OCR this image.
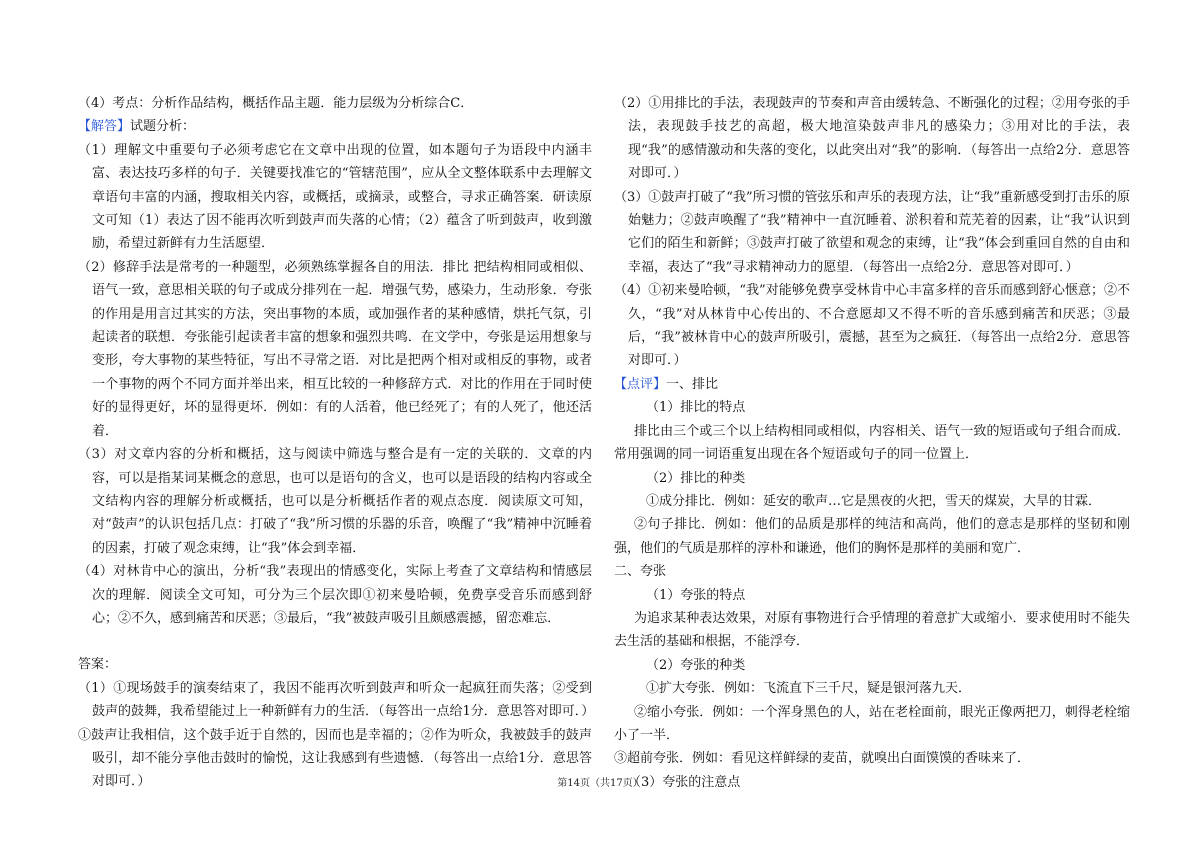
（4）考点：分析作品结构，概括作品主题．能力层级为分析综合C．

【解答】试题分析：

（1）理解文中重要句子必须考虑它在文章中出现的位置，如本题句子为语段中内涵丰富、表达技巧多样的句子．关键要找准它的“管辖范围”，应从全文整体联系中去理解文章语句丰富的内涵，搜取相关内容，或概括，或摘录，或整合，寻求正确答案．研读原文可知（1）表达了因不能再次听到鼓声而失落的心情；（2）蕴含了听到鼓声，收到激励，希望过新鲜有力生活愿望．

（2）修辞手法是常考的一种题型，必须熟练掌握各自的用法．排比 把结构相同或相似、语气一致，意思相关联的句子或成分排列在一起．增强气势，感染力，生动形象．夸张的作用是用言过其实的方法，突出事物的本质，或加强作者的某种感情，烘托气氛，引起读者的联想．夸张能引起读者丰富的想象和强烈共鸣．在文学中，夸张是运用想象与变形，夸大事物的某些特征，写出不寻常之语．对比是把两个相对或相反的事物，或者一个事物的两个不同方面并举出来，相互比较的一种修辞方式．对比的作用在于同时使好的显得更好，坏的显得更坏．例如：有的人活着，他已经死了；有的人死了，他还活着．

（3）对文章内容的分析和概括，这与阅读中筛选与整合是有一定的关联的．文章的内容，可以是指某词某概念的意思，也可以是语句的含义，也可以是语段的结构内容或全文结构内容的理解分析或概括，也可以是分析概括作者的观点态度．阅读原文可知，对“鼓声”的认识包括几点：打破了“我”所习惯的乐器的乐音，唤醒了“我”精神中沉睡着的因素，打破了观念束缚，让“我”体会到幸福．

（4）对林肯中心的演出，分析“我”表现出的情感变化，实际上考查了文章结构和情感层次的理解．阅读全文可知，可分为三个层次即①初来曼哈顿，免费享受音乐而感到舒心；②不久，感到痛苦和厌恶；③最后，“我”被鼓声吸引且颇感震撼，留恋难忘．

答案：

（1）①现场鼓手的演奏结束了，我因不能再次听到鼓声和听众一起疯狂而失落；②受到鼓声的鼓舞，我希望能过上一种新鲜有力的生活．（每答出一点给1分．意思答对即可．）

①鼓声让我相信，这个鼓手近于自然的，因而也是幸福的；②作为听众，我被鼓手的鼓声吸引，却不能分享他击鼓时的愉悦，这让我感到有些遗憾．（每答出一点给1分．意思答对即可．）

（2）①用排比的手法，表现鼓声的节奏和声音由缓转急、不断强化的过程；②用夸张的手法，表现鼓手技艺的高超，极大地渲染鼓声非凡的感染力；③用对比的手法，表现“我”的感情激动和失落的变化，以此突出对“我”的影响．（每答出一点给2分．意思答对即可．）

（3）①鼓声打破了“我”所习惯的管弦乐和声乐的表现方法，让“我”重新感受到打击乐的原始魅力；②鼓声唤醒了“我”精神中一直沉睡着、淤积着和荒芜着的因素，让“我”认识到它们的陌生和新鲜；③鼓声打破了欲望和观念的束缚，让“我”体会到重回自然的自由和幸福，表达了“我”寻求精神动力的愿望．（每答出一点给2分．意思答对即可．）

（4）①初来曼哈顿，“我”对能够免费享受林肯中心丰富多样的音乐而感到舒心惬意；②不久，“我”对从林肯中心传出的、不合意愿却又不得不听的音乐感到痛苦和厌恶；③最后，“我”被林肯中心的鼓声所吸引，震撼，甚至为之疯狂．（每答出一点给2分．意思答对即可．）

【点评】一、排比

（1）排比的特点

排比由三个或三个以上结构相同或相似，内容相关、语气一致的短语或句子组合而成．常用强调的同一词语重复出现在各个短语或句子的同一位置上．

（2）排比的种类

①成分排比．例如：延安的歌声…它是黑夜的火把，雪天的煤炭，大旱的甘霖．

②句子排比．例如：他们的品质是那样的纯洁和高尚，他们的意志是那样的坚韧和刚强，他们的气质是那样的淳朴和谦逊，他们的胸怀是那样的美丽和宽广．

二、夸张

（1）夸张的特点

为追求某种表达效果，对原有事物进行合乎情理的着意扩大或缩小．要求使用时不能失去生活的基础和根据，不能浮夸．

（2）夸张的种类

①扩大夸张．例如：飞流直下三千尺，疑是银河落九天．

②缩小夸张．例如：一个浑身黑色的人，站在老栓面前，眼光正像两把刀，刺得老栓缩小了一半．

③超前夸张．例如：看见这样鲜绿的麦苗，就嗅出白面馍馍的香味来了．

（3）夸张的注意点

第14页（共17页）
